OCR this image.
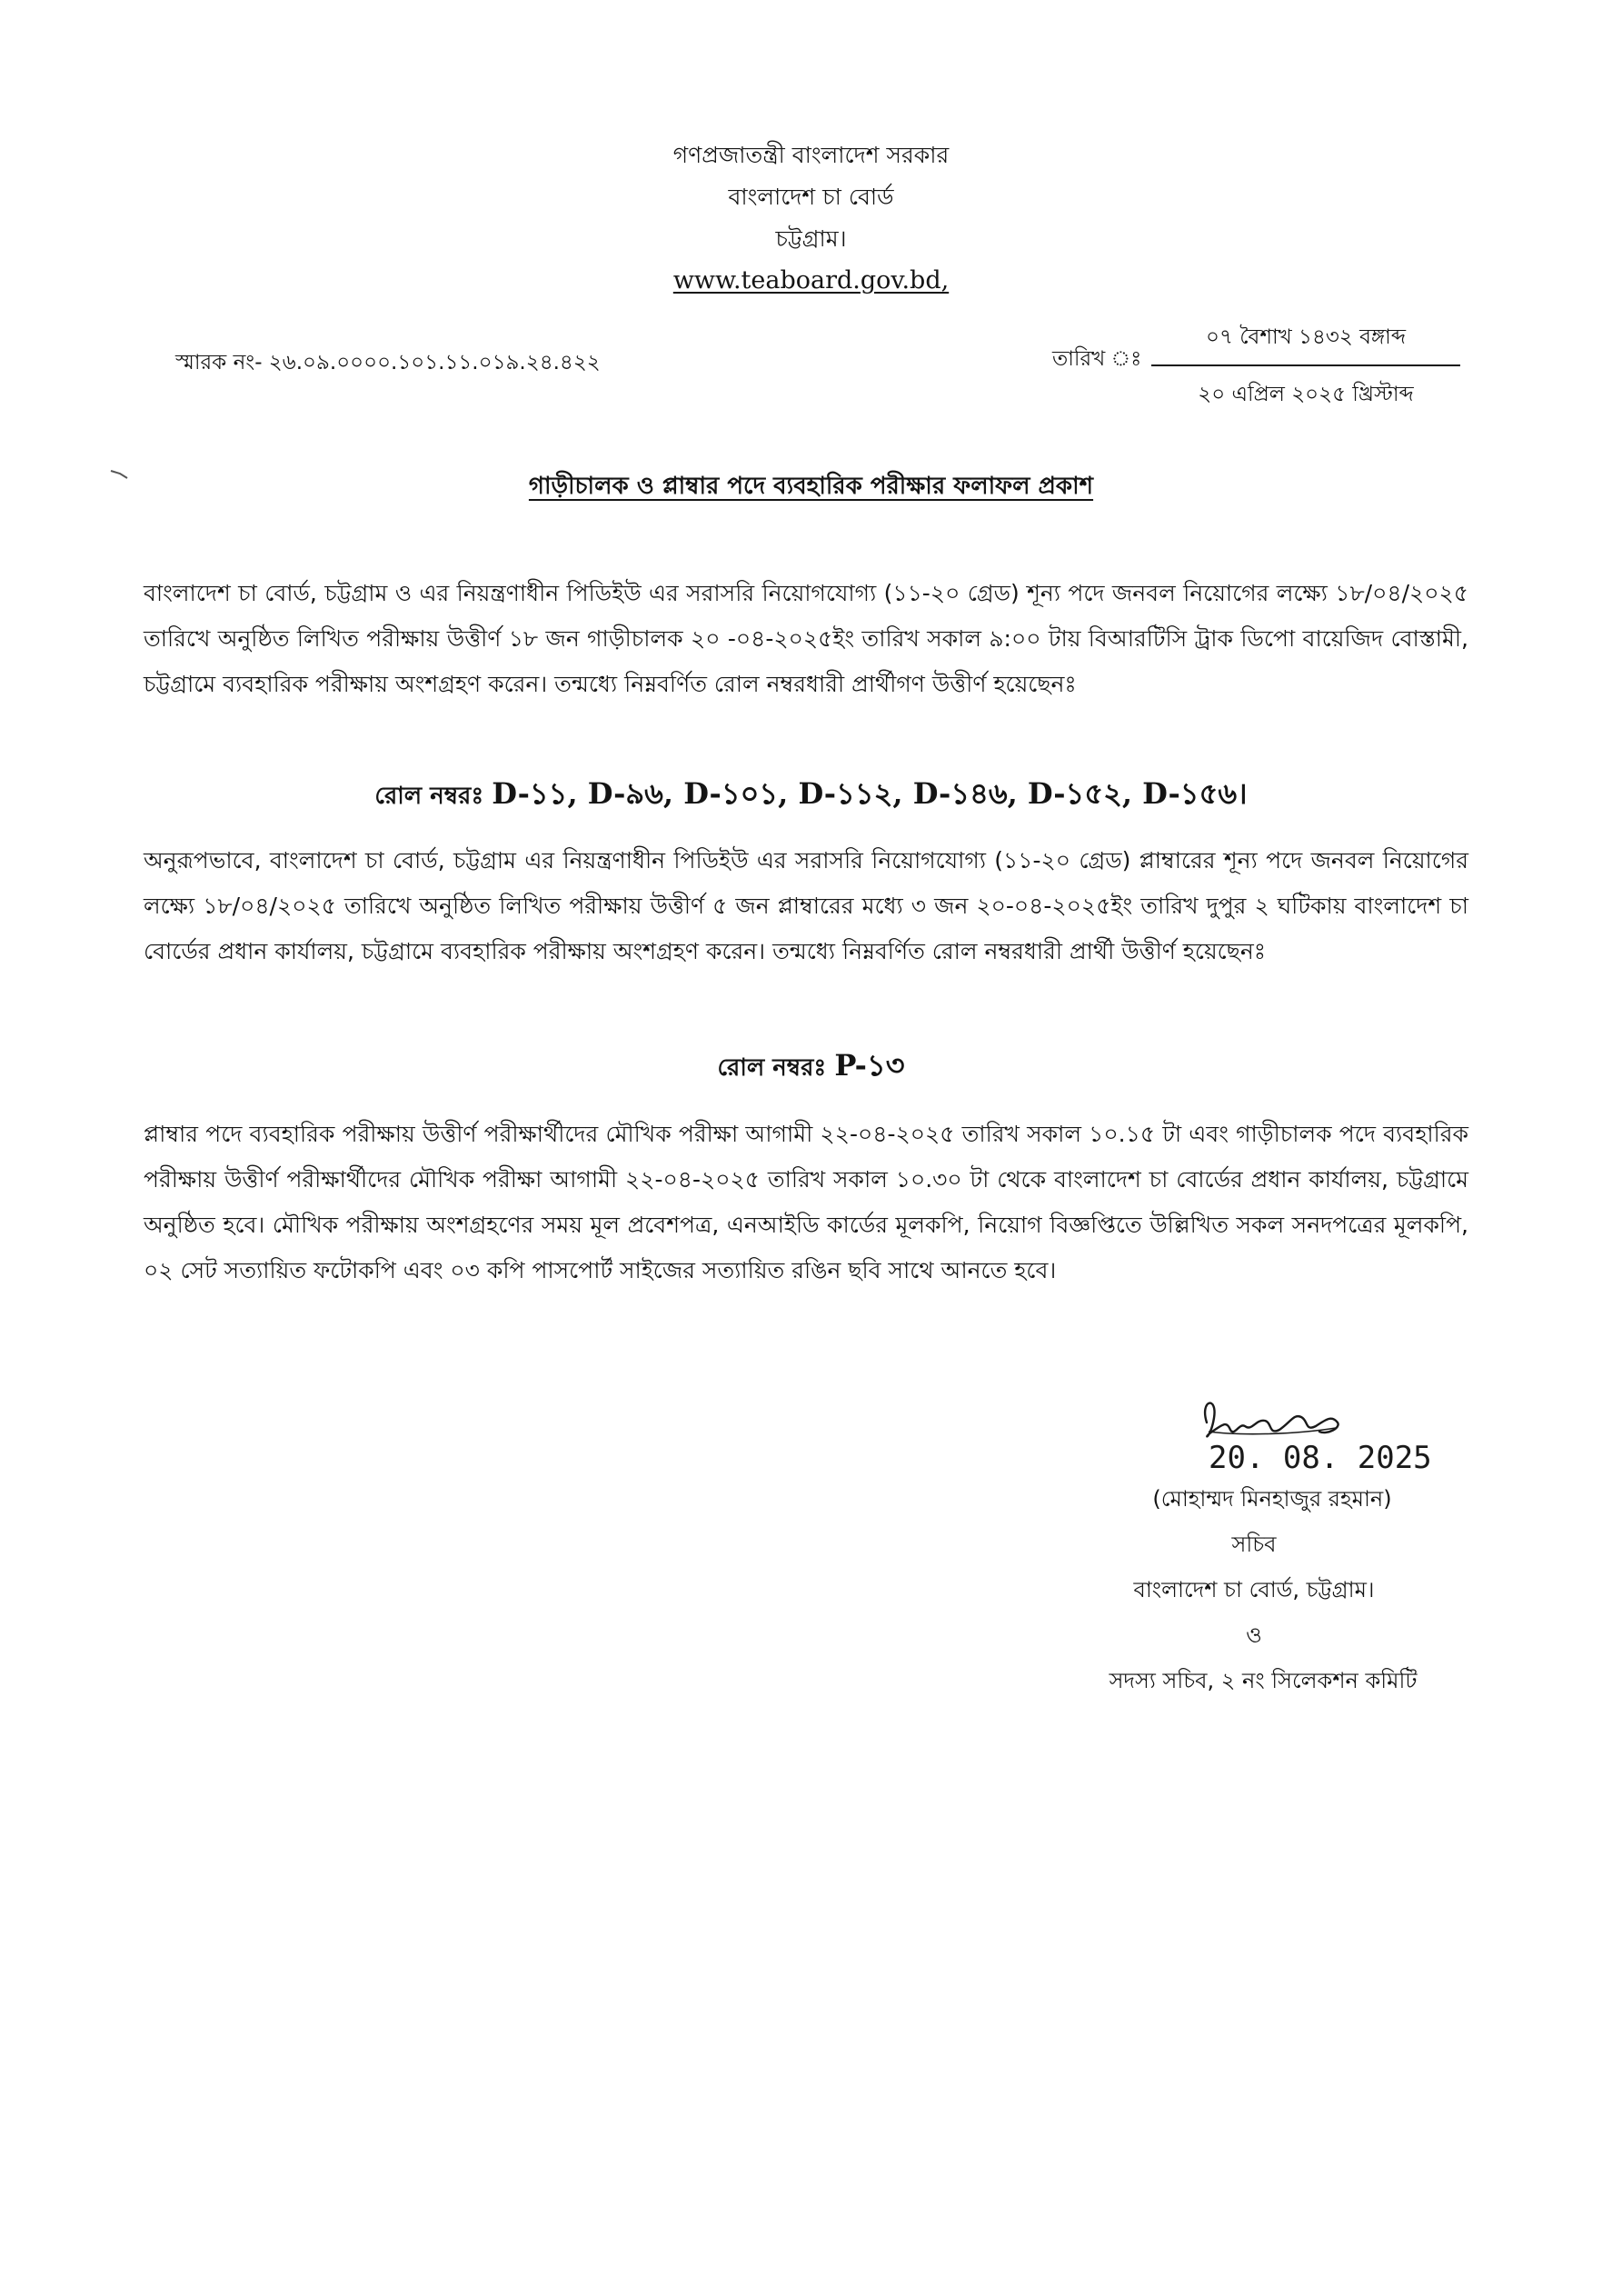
গণপ্রজাতন্ত্রী বাংলাদেশ সরকার
বাংলাদেশ চা বোর্ড
চট্টগ্রাম।
www.teaboard.gov.bd,
স্মারক নং- ২৬.০৯.০০০০.১০১.১১.০১৯.২৪.৪২২	তারিখ ঃ
০৭ বৈশাখ ১৪৩২ বঙ্গাব্দ
২০ এপ্রিল ২০২৫ খ্রিস্টাব্দ
গাড়ীচালক ও প্লাম্বার পদে ব্যবহারিক পরীক্ষার ফলাফল প্রকাশ
বাংলাদেশ চা বোর্ড, চট্টগ্রাম ও এর নিয়ন্ত্রণাধীন পিডিইউ এর সরাসরি নিয়োগযোগ্য (১১-২০ গ্রেড) শূন্য পদে জনবল নিয়োগের লক্ষ্যে ১৮/০৪/২০২৫ তারিখে অনুষ্ঠিত লিখিত পরীক্ষায় উত্তীর্ণ ১৮ জন গাড়ীচালক ২০ -০৪-২০২৫ইং তারিখ সকাল ৯:০০ টায় বিআরটিসি ট্রাক ডিপো বায়েজিদ বোস্তামী, চট্টগ্রামে ব্যবহারিক পরীক্ষায় অংশগ্রহণ করেন। তন্মধ্যে নিম্নবর্ণিত রোল নম্বরধারী প্রার্থীগণ উত্তীর্ণ হয়েছেনঃ
রোল নম্বরঃ D-১১, D-৯৬, D-১০১, D-১১২, D-১৪৬, D-১৫২, D-১৫৬।
অনুরূপভাবে, বাংলাদেশ চা বোর্ড, চট্টগ্রাম এর নিয়ন্ত্রণাধীন পিডিইউ এর সরাসরি নিয়োগযোগ্য (১১-২০ গ্রেড) প্লাম্বারের শূন্য পদে জনবল নিয়োগের লক্ষ্যে ১৮/০৪/২০২৫ তারিখে অনুষ্ঠিত লিখিত পরীক্ষায় উত্তীর্ণ ৫ জন প্লাম্বারের মধ্যে ৩ জন ২০-০৪-২০২৫ইং তারিখ দুপুর ২ ঘটিকায় বাংলাদেশ চা বোর্ডের প্রধান কার্যালয়, চট্টগ্রামে ব্যবহারিক পরীক্ষায় অংশগ্রহণ করেন। তন্মধ্যে নিম্নবর্ণিত রোল নম্বরধারী প্রার্থী উত্তীর্ণ হয়েছেনঃ
রোল নম্বরঃ P-১৩
প্লাম্বার পদে ব্যবহারিক পরীক্ষায় উত্তীর্ণ পরীক্ষার্থীদের মৌখিক পরীক্ষা আগামী ২২-০৪-২০২৫ তারিখ সকাল ১০.১৫ টা এবং গাড়ীচালক পদে ব্যবহারিক পরীক্ষায় উত্তীর্ণ পরীক্ষার্থীদের মৌখিক পরীক্ষা আগামী ২২-০৪-২০২৫ তারিখ সকাল ১০.৩০ টা থেকে বাংলাদেশ চা বোর্ডের প্রধান কার্যালয়, চট্টগ্রামে অনুষ্ঠিত হবে। মৌখিক পরীক্ষায় অংশগ্রহণের সময় মূল প্রবেশপত্র, এনআইডি কার্ডের মূলকপি, নিয়োগ বিজ্ঞপ্তিতে উল্লিখিত সকল সনদপত্রের মূলকপি, ০২ সেট সত্যায়িত ফটোকপি এবং ০৩ কপি পাসপোর্ট সাইজের সত্যায়িত রঙিন ছবি সাথে আনতে হবে।
20. 08. 2025
(মোহাম্মদ মিনহাজুর রহমান)
সচিব
বাংলাদেশ চা বোর্ড, চট্টগ্রাম।
ও
সদস্য সচিব, ২ নং সিলেকশন কমিটি
